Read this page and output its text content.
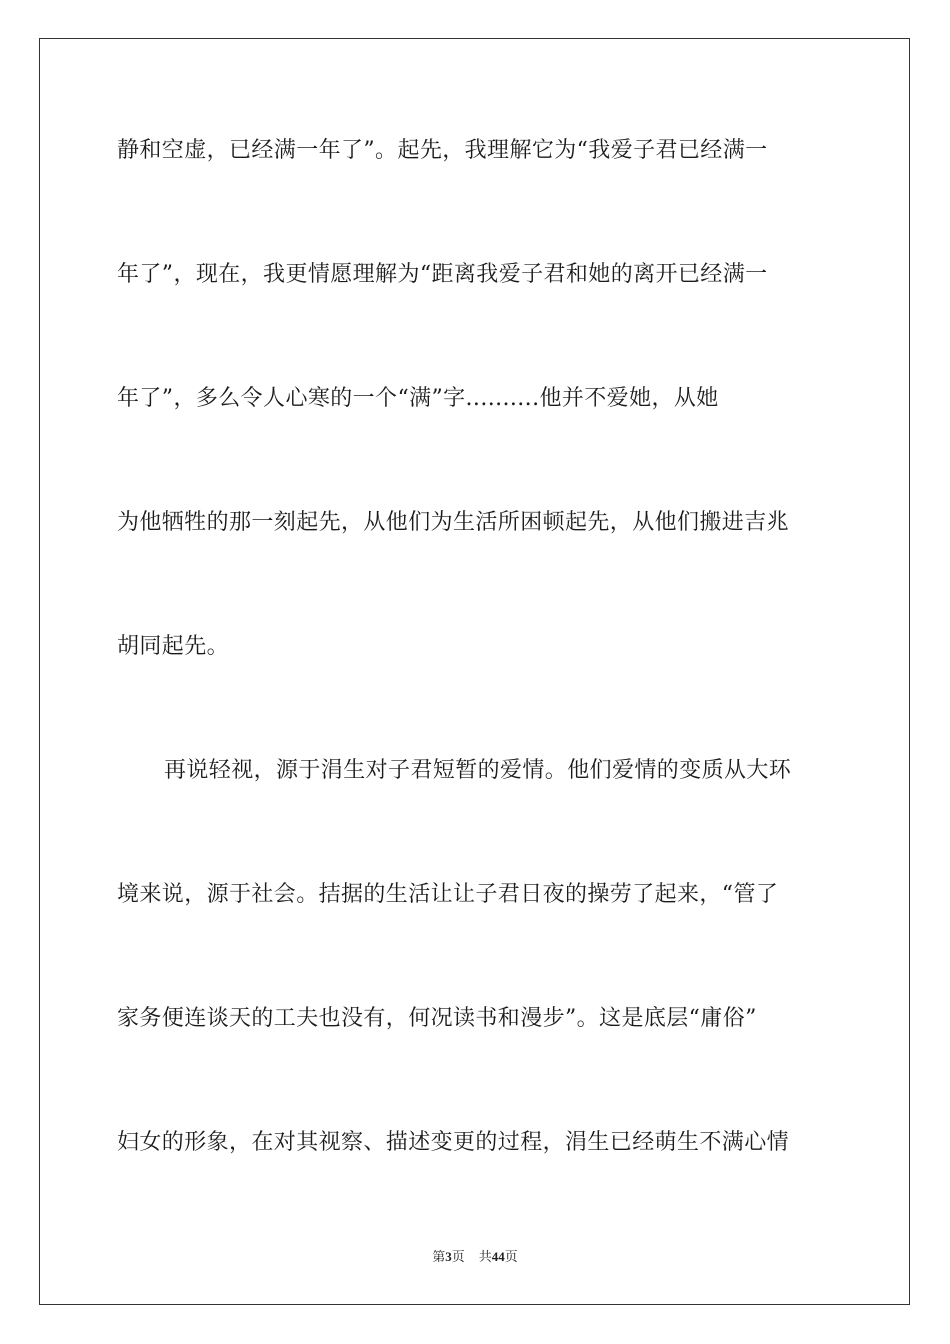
静和空虚，已经满一年了”。起先，我理解它为“我爱子君已经满一
年了”，现在，我更情愿理解为“距离我爱子君和她的离开已经满一
年了”，多么令人心寒的一个“满”字..........他并不爱她，从她
为他牺牲的那一刻起先，从他们为生活所困顿起先，从他们搬进吉兆
胡同起先。
再说轻视，源于涓生对子君短暂的爱情。他们爱情的变质从大环
境来说，源于社会。拮据的生活让让子君日夜的操劳了起来，“管了
家务便连谈天的工夫也没有，何况读书和漫步”。这是底层“庸俗”
妇女的形象，在对其视察、描述变更的过程，涓生已经萌生不满心情
第3页 共44页
